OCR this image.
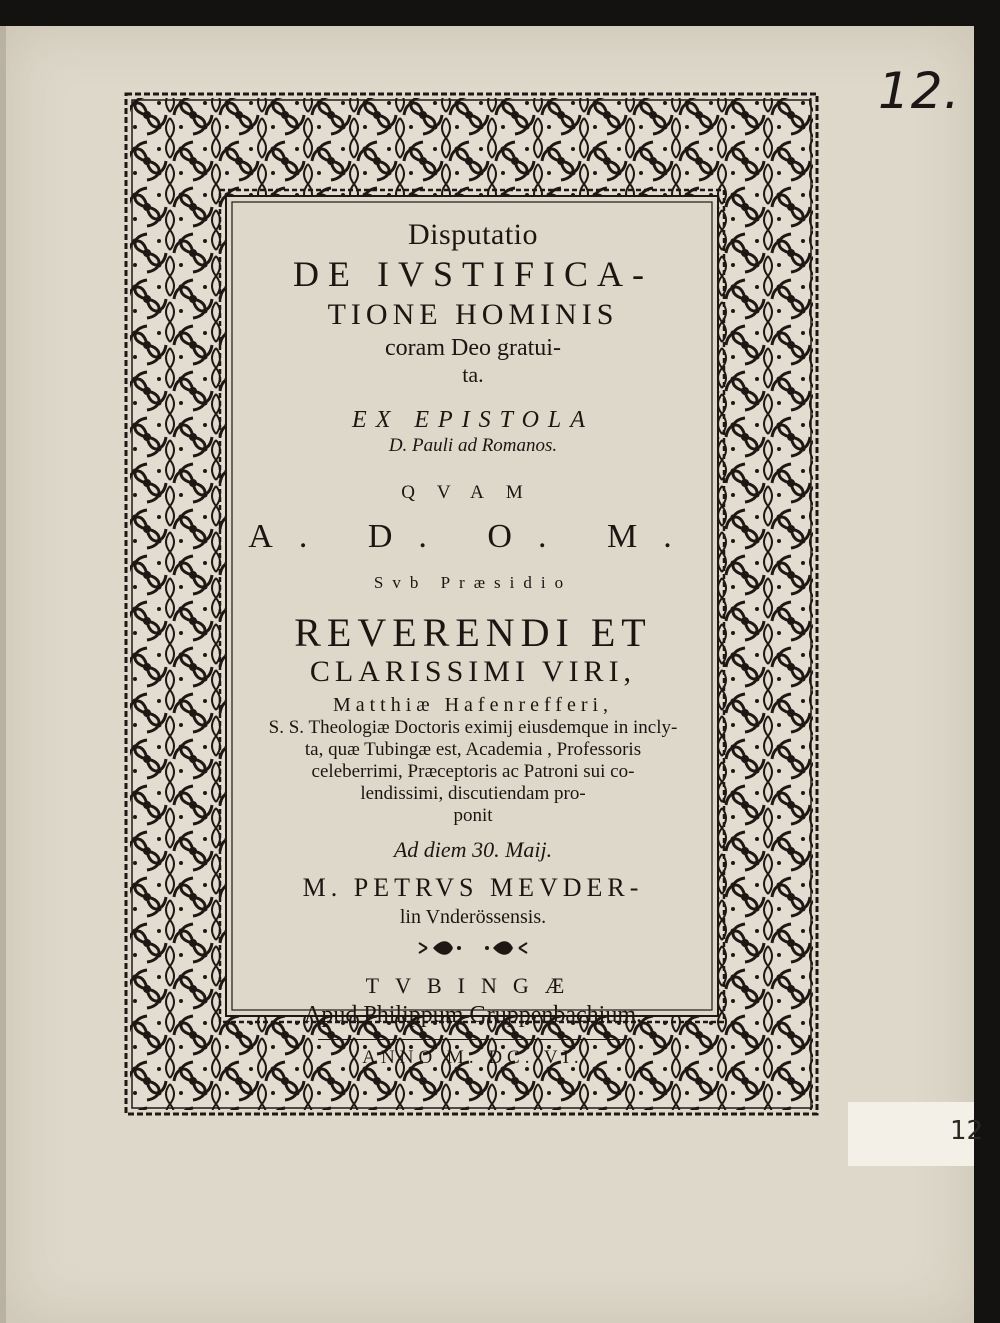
12.
12
Disputatio
DE IVSTIFICA-
TIONE HOMINIS
coram Deo gratui-
ta.
EX EPISTOLA
D. Pauli ad Romanos.
QVAM
A. D. O. M.
Svb Præsidio
REVERENDI ET
CLARISSIMI VIRI,
Matthiæ Hafenrefferi,
S. S. Theologiæ Doctoris eximij eiusdemque in incly-
ta, quæ Tubingæ est, Academia , Professoris
celeberrimi, Præceptoris ac Patroni sui co-
lendissimi, discutiendam pro-
ponit
Ad diem 30. Maij.
M. PETRVS MEVDER-
lin Vnderössensis.
TVBINGÆ
Apud Philippum Gruppenbachium.
ANNO M. DC. VI.
